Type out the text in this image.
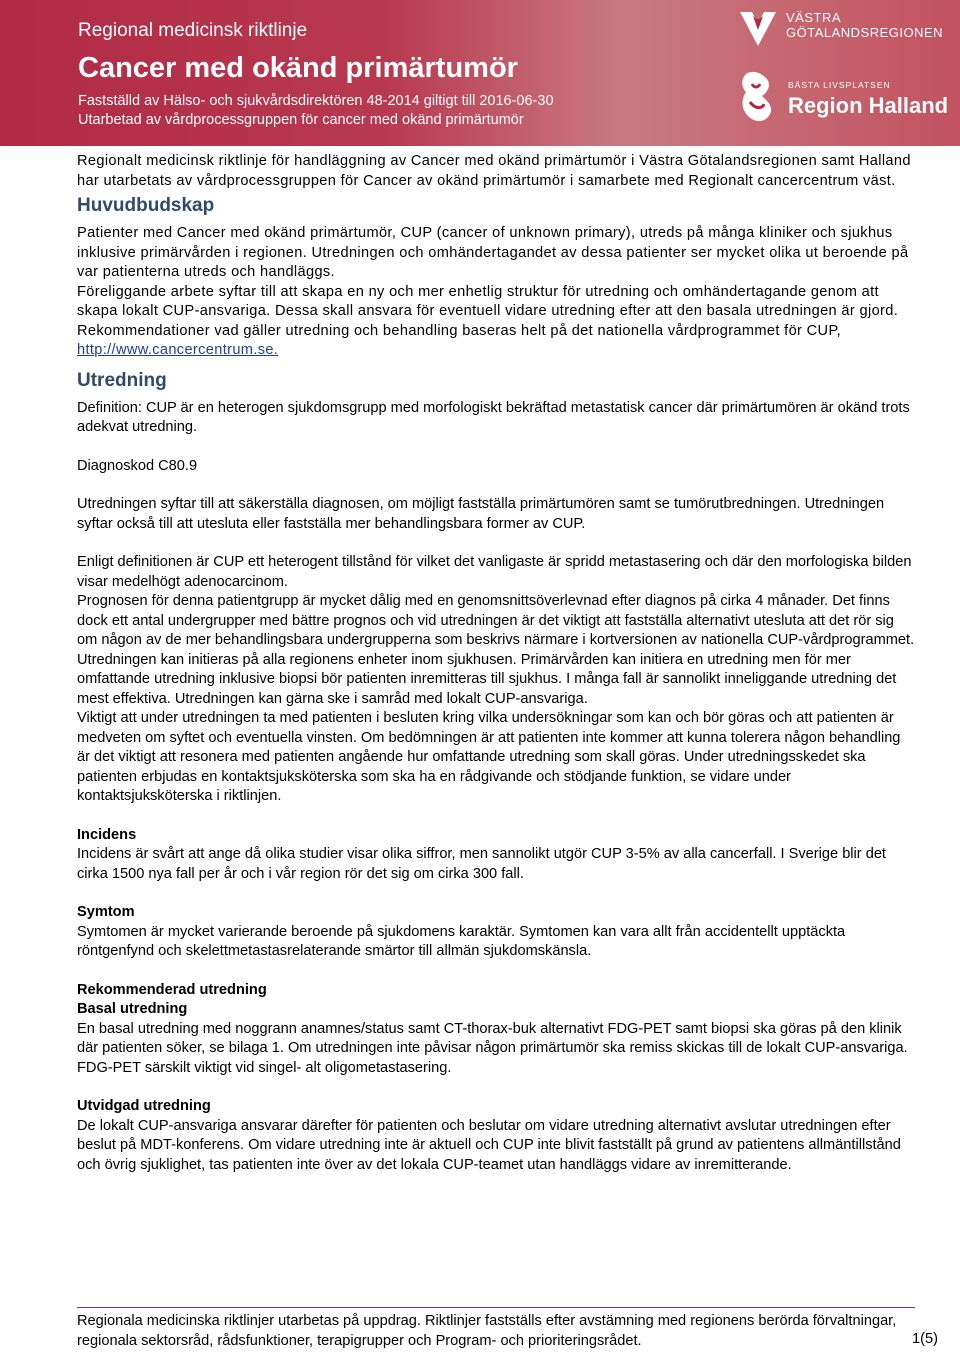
Regional medicinsk riktlinje
Cancer med okänd primärtumör
Fastställd av Hälso- och sjukvårdsdirektören 48-2014 giltigt till 2016-06-30
Utarbetad av vårdprocessgruppen för cancer med okänd primärtumör
VÄSTRA
GÖTALANDSREGIONEN
BÄSTA LIVSPLATSEN
Region Halland

Regionalt medicinsk riktlinje för handläggning av Cancer med okänd primärtumör i Västra Götalandsregionen samt Halland har utarbetats av vårdprocessgruppen för Cancer av okänd primärtumör i samarbete med Regionalt cancercentrum väst.

Huvudbudskap

Patienter med Cancer med okänd primärtumör, CUP (cancer of unknown primary), utreds på många kliniker och sjukhus inklusive primärvården i regionen. Utredningen och omhändertagandet av dessa patienter ser mycket olika ut beroende på var patienterna utreds och handläggs.

Föreliggande arbete syftar till att skapa en ny och mer enhetlig struktur för utredning och omhändertagande genom att skapa lokalt CUP-ansvariga. Dessa skall ansvara för eventuell vidare utredning efter att den basala utredningen är gjord.

Rekommendationer vad gäller utredning och behandling baseras helt på det nationella vårdprogrammet för CUP, http://www.cancercentrum.se.

Utredning

Definition: CUP är en heterogen sjukdomsgrupp med morfologiskt bekräftad metastatisk cancer där primärtumören är okänd trots adekvat utredning.

Diagnoskod C80.9

Utredningen syftar till att säkerställa diagnosen, om möjligt fastställa primärtumören samt se tumörutbredningen. Utredningen syftar också till att utesluta eller fastställa mer behandlingsbara former av CUP.

Enligt definitionen är CUP ett heterogent tillstånd för vilket det vanligaste är spridd metastasering och där den morfologiska bilden visar medelhögt adenocarcinom.

Prognosen för denna patientgrupp är mycket dålig med en genomsnittsöverlevnad efter diagnos på cirka 4 månader. Det finns dock ett antal undergrupper med bättre prognos och vid utredningen är det viktigt att fastställa alternativt utesluta att det rör sig om någon av de mer behandlingsbara undergrupperna som beskrivs närmare i kortversionen av nationella CUP-vårdprogrammet.

Utredningen kan initieras på alla regionens enheter inom sjukhusen. Primärvården kan initiera en utredning men för mer omfattande utredning inklusive biopsi bör patienten inremitteras till sjukhus. I många fall är sannolikt inneliggande utredning det mest effektiva. Utredningen kan gärna ske i samråd med lokalt CUP-ansvariga.

Viktigt att under utredningen ta med patienten i besluten kring vilka undersökningar som kan och bör göras och att patienten är medveten om syftet och eventuella vinsten. Om bedömningen är att patienten inte kommer att kunna tolerera någon behandling är det viktigt att resonera med patienten angående hur omfattande utredning som skall göras. Under utredningsskedet ska patienten erbjudas en kontaktsjuksköterska som ska ha en rådgivande och stödjande funktion, se vidare under kontaktsjuksköterska i riktlinjen.

Incidens

Incidens är svårt att ange då olika studier visar olika siffror, men sannolikt utgör CUP 3-5% av alla cancerfall. I Sverige blir det cirka 1500 nya fall per år och i vår region rör det sig om cirka 300 fall.

Symtom

Symtomen är mycket varierande beroende på sjukdomens karaktär. Symtomen kan vara allt från accidentellt upptäckta röntgenfynd och skelettmetastasrelaterande smärtor till allmän sjukdomskänsla.

Rekommenderad utredning
Basal utredning

En basal utredning med noggrann anamnes/status samt CT-thorax-buk alternativt FDG-PET samt biopsi ska göras på den klinik där patienten söker, se bilaga 1. Om utredningen inte påvisar någon primärtumör ska remiss skickas till de lokalt CUP-ansvariga. FDG-PET särskilt viktigt vid singel- alt oligometastasering.

Utvidgad utredning

De lokalt CUP-ansvariga ansvarar därefter för patienten och beslutar om vidare utredning alternativt avslutar utredningen efter beslut på MDT-konferens. Om vidare utredning inte är aktuell och CUP inte blivit fastställt på grund av patientens allmäntillstånd och övrig sjuklighet, tas patienten inte över av det lokala CUP-teamet utan handläggs vidare av inremitterande.

Regionala medicinska riktlinjer utarbetas på uppdrag. Riktlinjer fastställs efter avstämning med regionens berörda förvaltningar, regionala sektorsråd, rådsfunktioner, terapigrupper och Program- och prioriteringsrådet.	1(5)
